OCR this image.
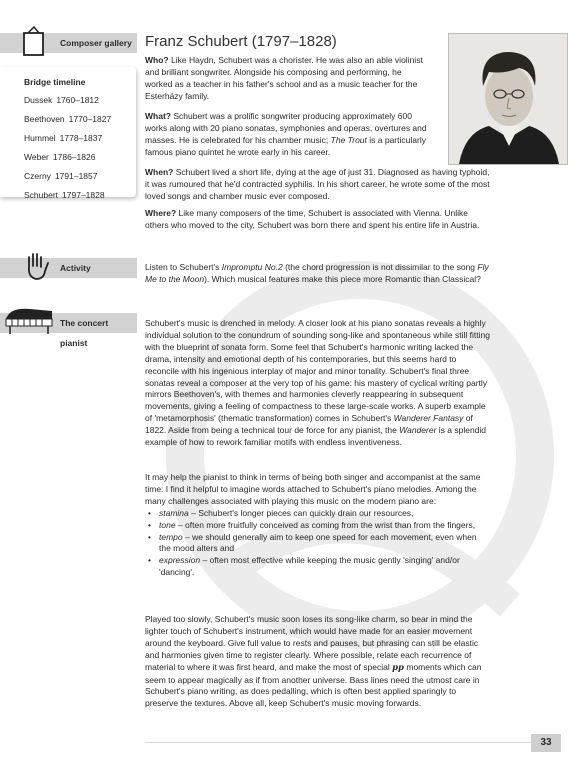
Composer gallery
Bridge timeline
Dussek 1760–1812
Beethoven 1770–1827
Hummel 1778–1837
Weber 1786–1826
Czerny 1791–1857
Schubert 1797–1828
Activity
The concert pianist
Franz Schubert (1797–1828)
Who? Like Haydn, Schubert was a chorister. He was also an able violinist and brilliant songwriter. Alongside his composing and performing, he worked as a teacher in his father's school and as a music teacher for the Esterházy family.
What? Schubert was a prolific songwriter producing approximately 600 works along with 20 piano sonatas, symphonies and operas, overtures and masses. He is celebrated for his chamber music; The Trout is a particularly famous piano quintet he wrote early in his career.
When? Schubert lived a short life, dying at the age of just 31. Diagnosed as having typhoid, it was rumoured that he'd contracted syphilis. In his short career, he wrote some of the most loved songs and chamber music ever composed.
Where? Like many composers of the time, Schubert is associated with Vienna. Unlike others who moved to the city, Schubert was born there and spent his entire life in Austria.
Listen to Schubert's Impromptu No.2 (the chord progression is not dissimilar to the song Fly Me to the Moon). Which musical features make this piece more Romantic than Classical?
Schubert's music is drenched in melody. A closer look at his piano sonatas reveals a highly individual solution to the conundrum of sounding song-like and spontaneous while still fitting with the blueprint of sonata form. Some feel that Schubert's harmonic writing lacked the drama, intensity and emotional depth of his contemporaries, but this seems hard to reconcile with his ingenious interplay of major and minor tonality. Schubert's final three sonatas reveal a composer at the very top of his game: his mastery of cyclical writing partly mirrors Beethoven's, with themes and harmonies cleverly reappearing in subsequent movements, giving a feeling of compactness to these large-scale works. A superb example of 'metamorphosis' (thematic transformation) comes in Schubert's Wanderer Fantasy of 1822. Aside from being a technical tour de force for any pianist, the Wanderer is a splendid example of how to rework familiar motifs with endless inventiveness.
It may help the pianist to think in terms of being both singer and accompanist at the same time: I find it helpful to imagine words attached to Schubert's piano melodies. Among the many challenges associated with playing this music on the modern piano are:
• stamina – Schubert's longer pieces can quickly drain our resources,
• tone – often more fruitfully conceived as coming from the wrist than from the fingers,
• tempo – we should generally aim to keep one speed for each movement, even when the mood alters and
• expression – often most effective while keeping the music gently 'singing' and/or 'dancing'.
Played too slowly, Schubert's music soon loses its song-like charm, so bear in mind the lighter touch of Schubert's instrument, which would have made for an easier movement around the keyboard. Give full value to rests and pauses, but phrasing can still be elastic and harmonies given time to register clearly. Where possible, relate each recurrence of material to where it was first heard, and make the most of special pp moments which can seem to appear magically as if from another universe. Bass lines need the utmost care in Schubert's piano writing, as does pedalling, which is often best applied sparingly to preserve the textures. Above all, keep Schubert's music moving forwards.
33
